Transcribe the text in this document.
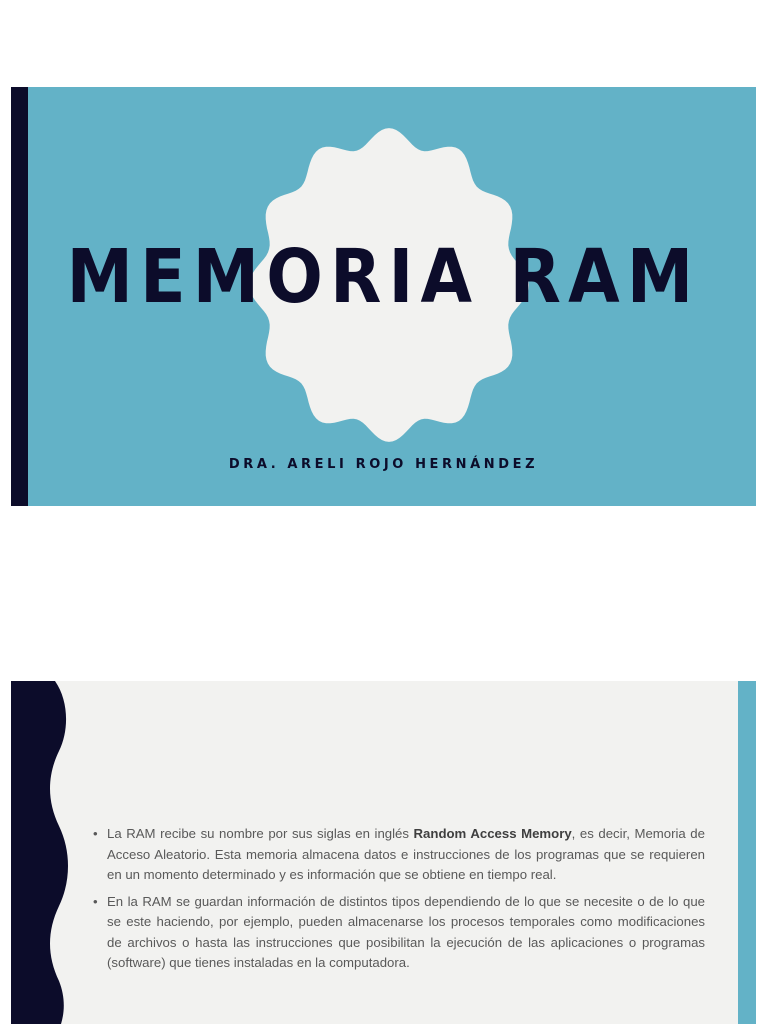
MEMORIA RAM
DRA. ARELI ROJO HERNÁNDEZ
• La RAM recibe su nombre por sus siglas en inglés Random Access Memory, es decir, Memoria de Acceso Aleatorio. Esta memoria almacena datos e instrucciones de los programas que se requieren en un momento determinado y es información que se obtiene en tiempo real.
• En la RAM se guardan información de distintos tipos dependiendo de lo que se necesite o de lo que se este haciendo, por ejemplo, pueden almacenarse los procesos temporales como modificaciones de archivos o hasta las instrucciones que posibilitan la ejecución de las aplicaciones o programas (software) que tienes instaladas en la computadora.
